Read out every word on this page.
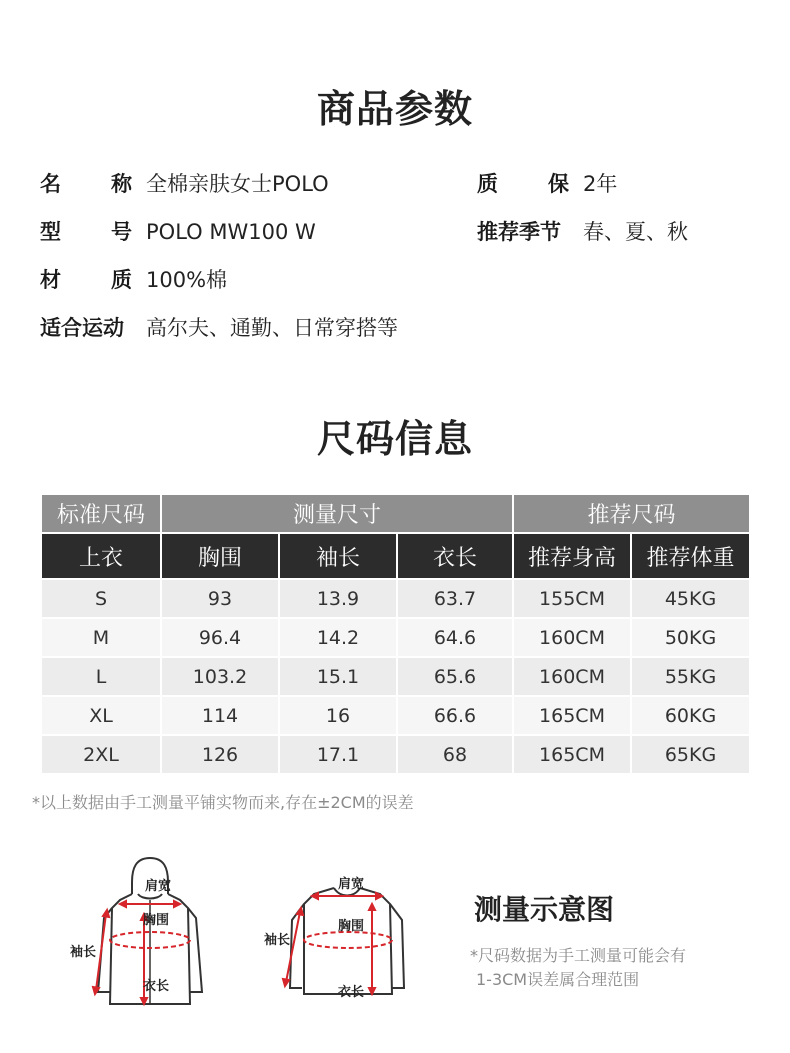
商品参数
名 称 全棉亲肤女士POLO	质 保 2年
型 号 POLO MW100 W	推荐季节	春、夏、秋
材 质 100%棉
适合运动	高尔夫、通勤、日常穿搭等
尺码信息
标准尺码	测量尺寸			推荐尺码	
上衣	胸围	袖长	衣长	推荐身高	推荐体重
S	93	13.9	63.7	155CM	45KG
M	96.4	14.2	64.6	160CM	50KG
L	103.2	15.1	65.6	160CM	55KG
XL	114	16	66.6	165CM	60KG
2XL	126	17.1	68	165CM	65KG
*以上数据由手工测量平铺实物而来,存在±2CM的误差
肩宽
胸围
袖长
衣长
肩宽
胸围
袖长
衣长
测量示意图
*尺码数据为手工测量可能会有
1-3CM误差属合理范围
